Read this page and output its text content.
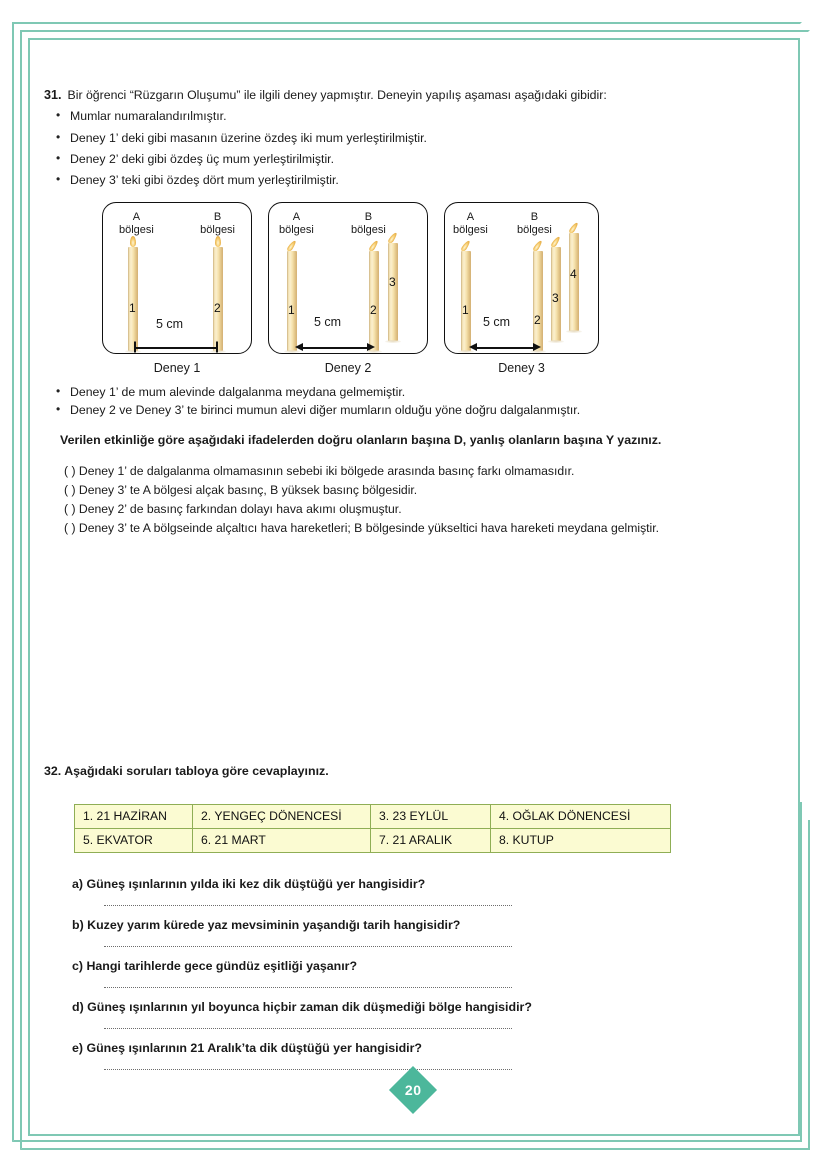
31. Bir öğrenci “Rüzgarın Oluşumu” ile ilgili deney yapmıştır. Deneyin yapılış aşaması aşağıdaki gibidir:
• Mumlar numaralandırılmıştır.
• Deney 1’ deki gibi masanın üzerine özdeş iki mum yerleştirilmiştir.
• Deney 2’ deki gibi özdeş üç mum yerleştirilmiştir.
• Deney 3’ teki gibi özdeş dört mum yerleştirilmiştir.
A
bölgesi
B
bölgesi
1	2
5 cm
Deney 1
A
bölgesi
B
bölgesi
1	2
3
5 cm
Deney 2
A
bölgesi
B
bölgesi
1
2
3
4
5 cm
Deney 3
• Deney 1’ de mum alevinde dalgalanma meydana gelmemiştir.
• Deney 2 ve Deney 3’ te birinci mumun alevi diğer mumların olduğu yöne doğru dalgalanmıştır.
Verilen etkinliğe göre aşağıdaki ifadelerden doğru olanların başına D, yanlış olanların başına Y yazınız.
( ) Deney 1’ de dalgalanma olmamasının sebebi iki bölgede arasında basınç farkı olmamasıdır.
( ) Deney 3’ te A bölgesi alçak basınç, B yüksek basınç bölgesidir.
( ) Deney 2’ de basınç farkından dolayı hava akımı oluşmuştur.
( ) Deney 3’ te A bölgseinde alçaltıcı hava hareketleri; B bölgesinde yükseltici hava hareketi meydana gelmiştir.
32. Aşağıdaki soruları tabloya göre cevaplayınız.
1. 21 HAZİRAN	2. YENGEÇ DÖNENCESİ	3. 23 EYLÜL	4. OĞLAK DÖNENCESİ
5. EKVATOR	6. 21 MART	7. 21 ARALIK	8. KUTUP
a) Güneş ışınlarının yılda iki kez dik düştüğü yer hangisidir?
b) Kuzey yarım kürede yaz mevsiminin yaşandığı tarih hangisidir?
c) Hangi tarihlerde gece gündüz eşitliği yaşanır?
d) Güneş ışınlarının yıl boyunca hiçbir zaman dik düşmediği bölge hangisidir?
e) Güneş ışınlarının 21 Aralık’ta dik düştüğü yer hangisidir?
20
